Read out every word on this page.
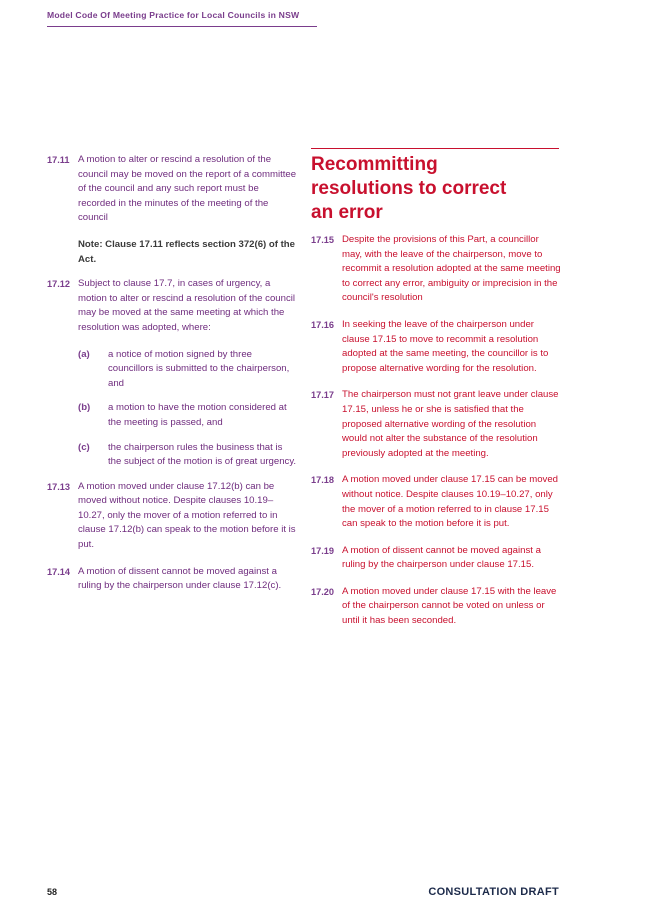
Model Code Of Meeting Practice for Local Councils in NSW
17.11 A motion to alter or rescind a resolution of the council may be moved on the report of a committee of the council and any such report must be recorded in the minutes of the meeting of the council
Note: Clause 17.11 reflects section 372(6) of the Act.
17.12 Subject to clause 17.7, in cases of urgency, a motion to alter or rescind a resolution of the council may be moved at the same meeting at which the resolution was adopted, where:
(a) a notice of motion signed by three councillors is submitted to the chairperson, and
(b) a motion to have the motion considered at the meeting is passed, and
(c) the chairperson rules the business that is the subject of the motion is of great urgency.
17.13 A motion moved under clause 17.12(b) can be moved without notice. Despite clauses 10.19–10.27, only the mover of a motion referred to in clause 17.12(b) can speak to the motion before it is put.
17.14 A motion of dissent cannot be moved against a ruling by the chairperson under clause 17.12(c).
Recommitting
resolutions to correct
an error
17.15 Despite the provisions of this Part, a councillor may, with the leave of the chairperson, move to recommit a resolution adopted at the same meeting to correct any error, ambiguity or imprecision in the council's resolution
17.16 In seeking the leave of the chairperson under clause 17.15 to move to recommit a resolution adopted at the same meeting, the councillor is to propose alternative wording for the resolution.
17.17 The chairperson must not grant leave under clause 17.15, unless he or she is satisfied that the proposed alternative wording of the resolution would not alter the substance of the resolution previously adopted at the meeting.
17.18 A motion moved under clause 17.15 can be moved without notice. Despite clauses 10.19–10.27, only the mover of a motion referred to in clause 17.15 can speak to the motion before it is put.
17.19 A motion of dissent cannot be moved against a ruling by the chairperson under clause 17.15.
17.20 A motion moved under clause 17.15 with the leave of the chairperson cannot be voted on unless or until it has been seconded.
58	CONSULTATION DRAFT
